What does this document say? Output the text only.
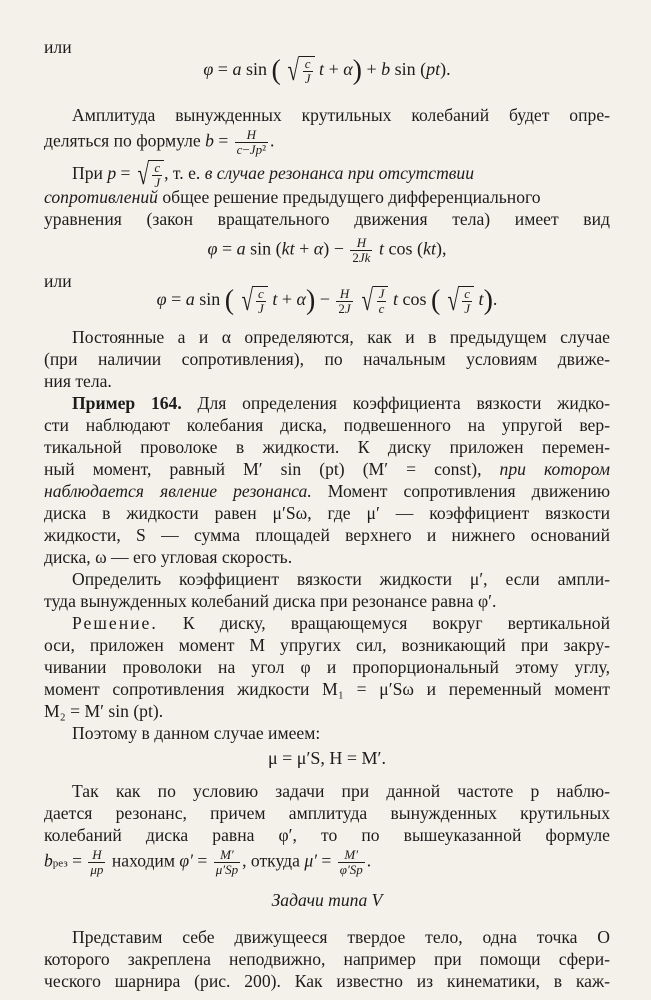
или
φ = a sin ( √ $\frac{c}{J}$ t + α) + b sin (pt).
Амплитуда вынужденных крутильных колебаний будет опре-
деляться по формуле $b = \frac{H}{\text{c−Jp²}}$ .
При p = √ $\frac{c}{J}$ , т. е. в случае резонанса при отсутствии
сопротивлений общее решение предыдущего дифференциального
уравнения (закон вращательного движения тела) имеет вид
φ = a $\sin (kt + \alpha) - \frac{H}{2Jk}$ t cos (kt),
или
φ = a sin ( √ $\frac{c}{J}$ $t + \alpha) - \frac{H}{2J}$ √ $\frac{J}{c}$ t cos ( √ $\frac{c}{J} t$).
Постоянные a и α определяются, как и в предыдущем случае
(при наличии сопротивления), по начальным условиям движе-
ния тела.
Пример 164. Для определения коэффициента вязкости жидко-
сти наблюдают колебания диска, подвешенного на упругой вер-
тикальной проволоке в жидкости. К диску приложен перемен-
ный момент, равный M′ sin (pt) (M′ = const), при котором
наблюдается явление резонанса. Момент сопротивления движению
диска в жидкости равен μ′Sω, где μ′ — коэффициент вязкости
жидкости, S — сумма площадей верхнего и нижнего оснований
диска, ω — его угловая скорость.
Определить коэффициент вязкости жидкости μ′, если ампли-
туда вынужденных колебаний диска при резонансе равна φ′.
Решение. К диску, вращающемуся вокруг вертикальной
оси, приложен момент M упругих сил, возникающий при закру-
чивании проволоки на угол φ и пропорциональный этому углу,
момент сопротивления жидкости M₁ = μ′Sω и переменный момент
M₂ = M′ sin (pt).
Поэтому в данном случае имеем:
μ = μ′S, H = M′.
Так как по условию задачи при данной частоте p наблю-
дается резонанс, причем амплитуда вынужденных крутильных
колебаний диска равна φ′, то по вышеуказанной формуле
bрез = $\frac{H}{\mu p}$ находим $\varphi' = \frac{M'}{\mu'Sp}$ , откуда $\mu' = \frac{M'}{\varphi'Sp}$ .
Задачи типа V
Представим себе движущееся твердое тело, одна точка O
которого закреплена неподвижно, например при помощи сфери-
ческого шарнира (рис. 200). Как известно из кинематики, в каж-
